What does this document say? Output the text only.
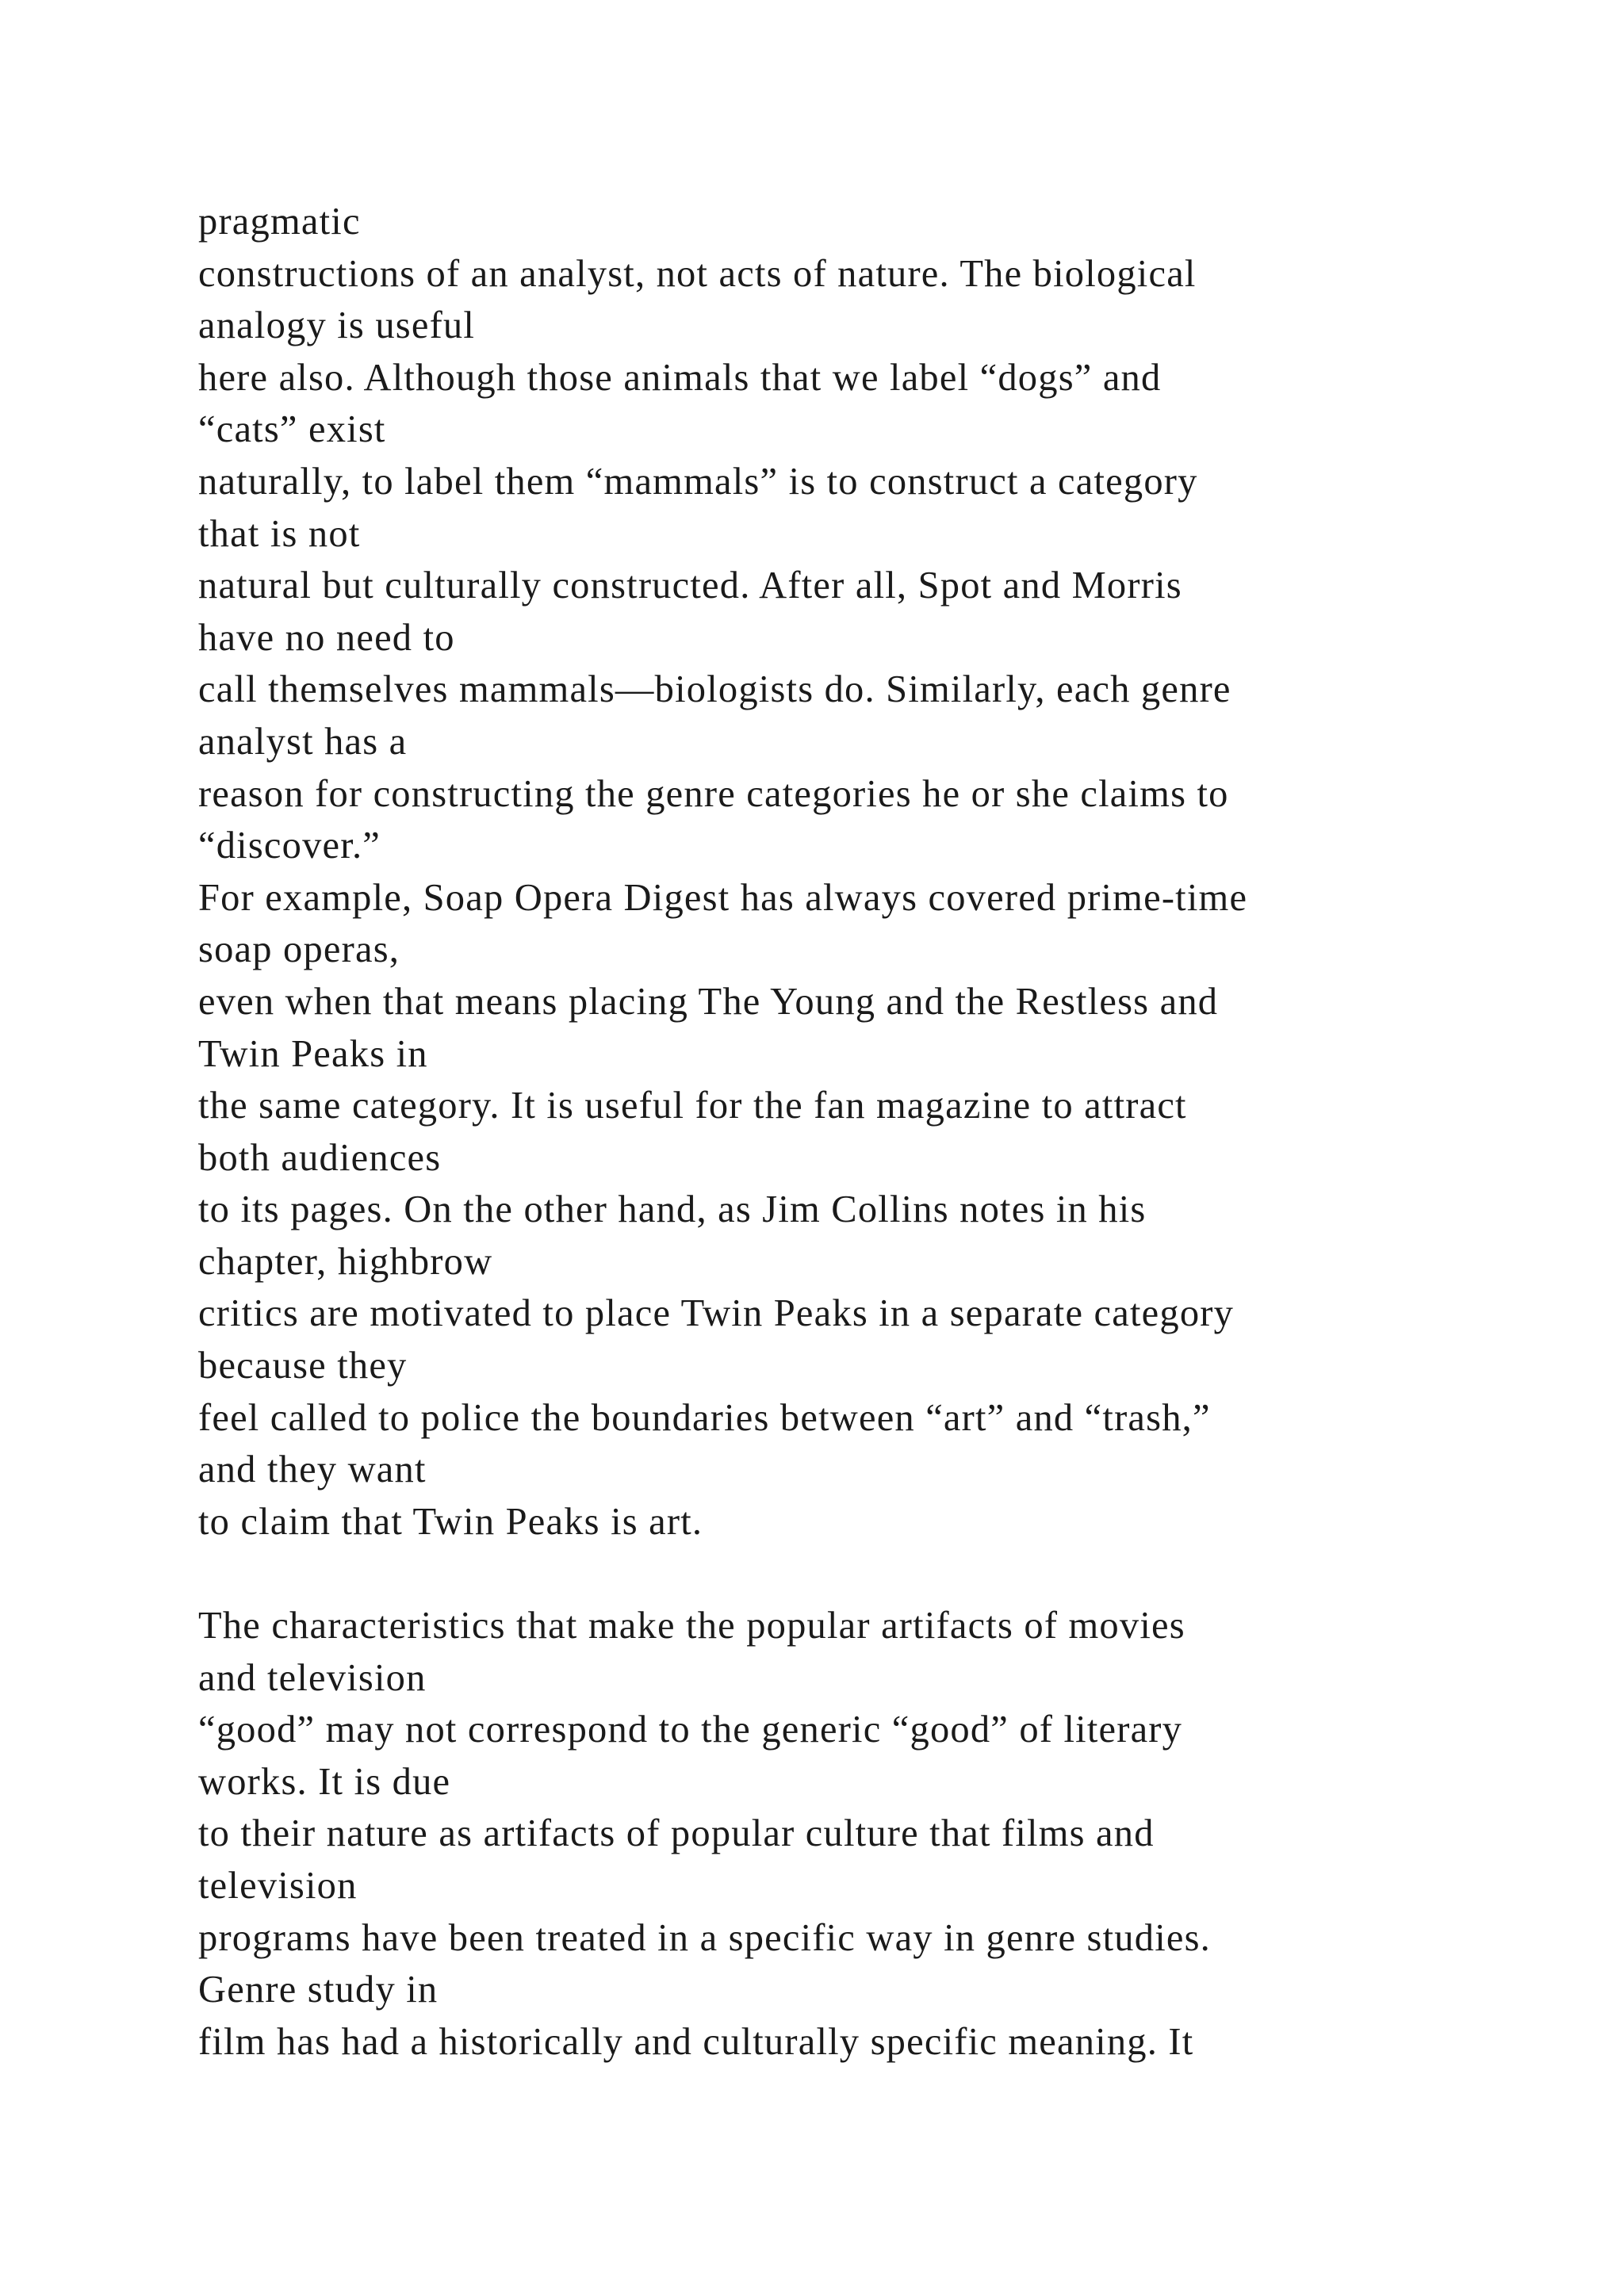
pragmatic
constructions of an analyst, not acts of nature. The biological
analogy is useful
here also. Although those animals that we label “dogs” and
“cats” exist
naturally, to label them “mammals” is to construct a category
that is not
natural but culturally constructed. After all, Spot and Morris
have no need to
call themselves mammals—biologists do. Similarly, each genre
analyst has a
reason for constructing the genre categories he or she claims to
“discover.”
For example, Soap Opera Digest has always covered prime-time
soap operas,
even when that means placing The Young and the Restless and
Twin Peaks in
the same category. It is useful for the fan magazine to attract
both audiences
to its pages. On the other hand, as Jim Collins notes in his
chapter, highbrow
critics are motivated to place Twin Peaks in a separate category
because they
feel called to police the boundaries between “art” and “trash,”
and they want
to claim that Twin Peaks is art.
The characteristics that make the popular artifacts of movies
and television
“good” may not correspond to the generic “good” of literary
works. It is due
to their nature as artifacts of popular culture that films and
television
programs have been treated in a specific way in genre studies.
Genre study in
film has had a historically and culturally specific meaning. It
